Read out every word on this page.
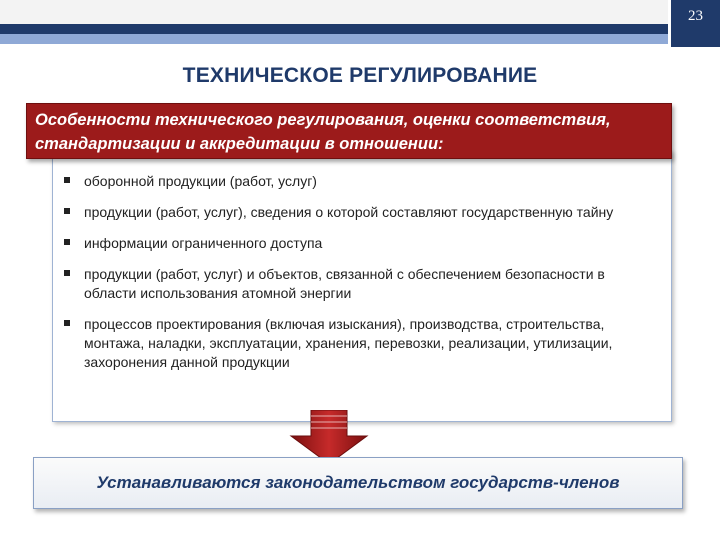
23
ТЕХНИЧЕСКОЕ РЕГУЛИРОВАНИЕ
Особенности технического регулирования, оценки соответствия, стандартизации и аккредитации в отношении:
оборонной продукции (работ, услуг)
продукции (работ, услуг), сведения о которой составляют государственную тайну
информации ограниченного доступа
продукции (работ, услуг) и объектов, связанной с обеспечением безопасности в области использования атомной энергии
процессов проектирования (включая изыскания), производства, строительства, монтажа, наладки, эксплуатации, хранения, перевозки, реализации, утилизации, захоронения данной продукции
Устанавливаются законодательством государств-членов
